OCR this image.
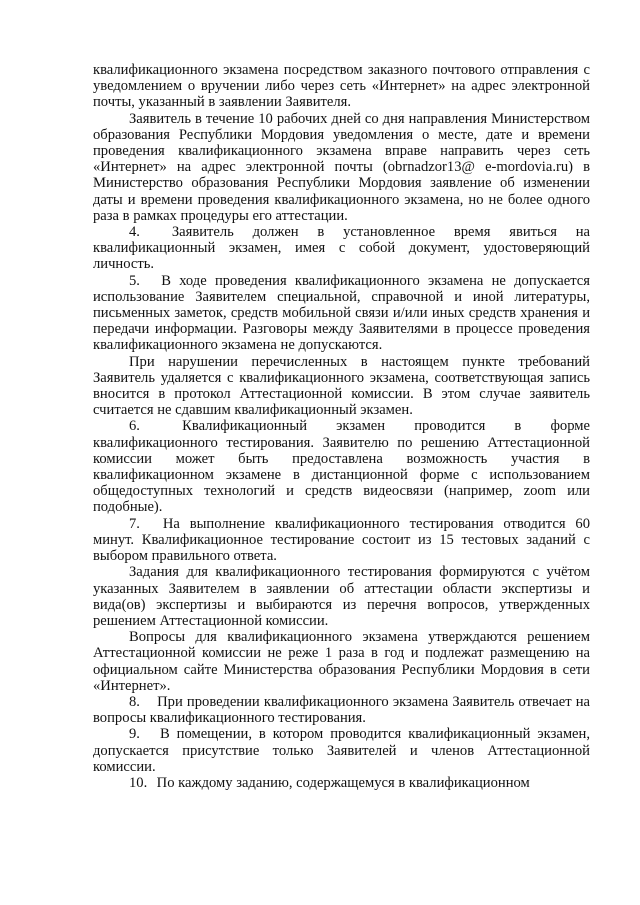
квалификационного экзамена посредством заказного почтового отправления с уведомлением о вручении либо через сеть «Интернет» на адрес электронной почты, указанный в заявлении Заявителя.

Заявитель в течение 10 рабочих дней со дня направления Министерством образования Республики Мордовия уведомления о месте, дате и времени проведения квалификационного экзамена вправе направить через сеть «Интернет» на адрес электронной почты (obrnadzor13@ e-mordovia.ru) в Министерство образования Республики Мордовия заявление об изменении даты и времени проведения квалификационного экзамена, но не более одного раза в рамках процедуры его аттестации.

4. Заявитель должен в установленное время явиться на квалификационный экзамен, имея с собой документ, удостоверяющий личность.

5. В ходе проведения квалификационного экзамена не допускается использование Заявителем специальной, справочной и иной литературы, письменных заметок, средств мобильной связи и/или иных средств хранения и передачи информации. Разговоры между Заявителями в процессе проведения квалификационного экзамена не допускаются.

При нарушении перечисленных в настоящем пункте требований Заявитель удаляется с квалификационного экзамена, соответствующая запись вносится в протокол Аттестационной комиссии. В этом случае заявитель считается не сдавшим квалификационный экзамен.

6.	Квалификационный экзамен проводится в форме квалификационного тестирования. Заявителю по решению Аттестационной комиссии может быть предоставлена возможность участия в квалификационном экзамене в дистанционной форме с использованием общедоступных технологий и средств видеосвязи (например, zoom или подобные).

7. На выполнение квалификационного тестирования отводится 60 минут. Квалификационное тестирование состоит из 15 тестовых заданий с выбором правильного ответа.

Задания для квалификационного тестирования формируются с учётом указанных Заявителем в заявлении об аттестации области экспертизы и вида(ов) экспертизы и выбираются из перечня вопросов, утвержденных решением Аттестационной комиссии.

Вопросы для квалификационного экзамена утверждаются решением Аттестационной комиссии не реже 1 раза в год и подлежат размещению на официальном сайте Министерства образования Республики Мордовия в сети «Интернет».

8. При проведении квалификационного экзамена Заявитель отвечает на вопросы квалификационного тестирования.

9. В помещении, в котором проводится квалификационный экзамен, допускается присутствие только Заявителей и членов Аттестационной комиссии.

10. По каждому заданию, содержащемуся в квалификационном
